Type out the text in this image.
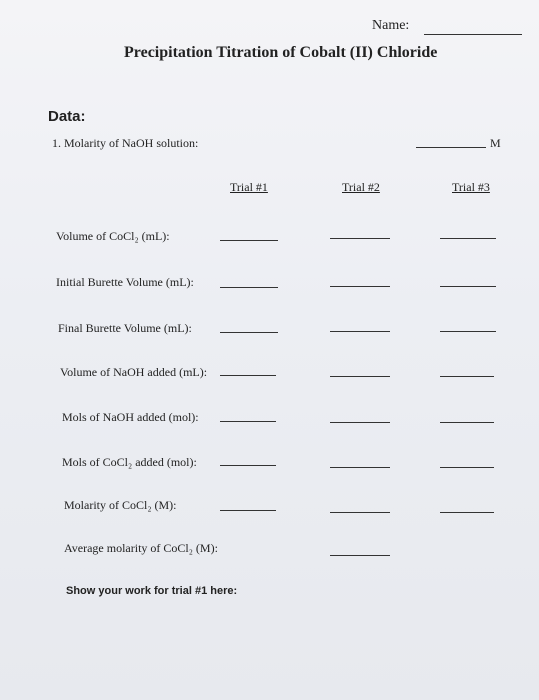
Name:
Precipitation Titration of Cobalt (II) Chloride
Data:
1. Molarity of NaOH solution:	M
Trial #1	Trial #2	Trial #3
Volume of CoCl₂ (mL):
Initial Burette Volume (mL):
Final Burette Volume (mL):
Volume of NaOH added (mL):
Mols of NaOH added (mol):
Mols of CoCl₂ added (mol):
Molarity of CoCl₂ (M):
Average molarity of CoCl₂ (M):
Show your work for trial #1 here:
